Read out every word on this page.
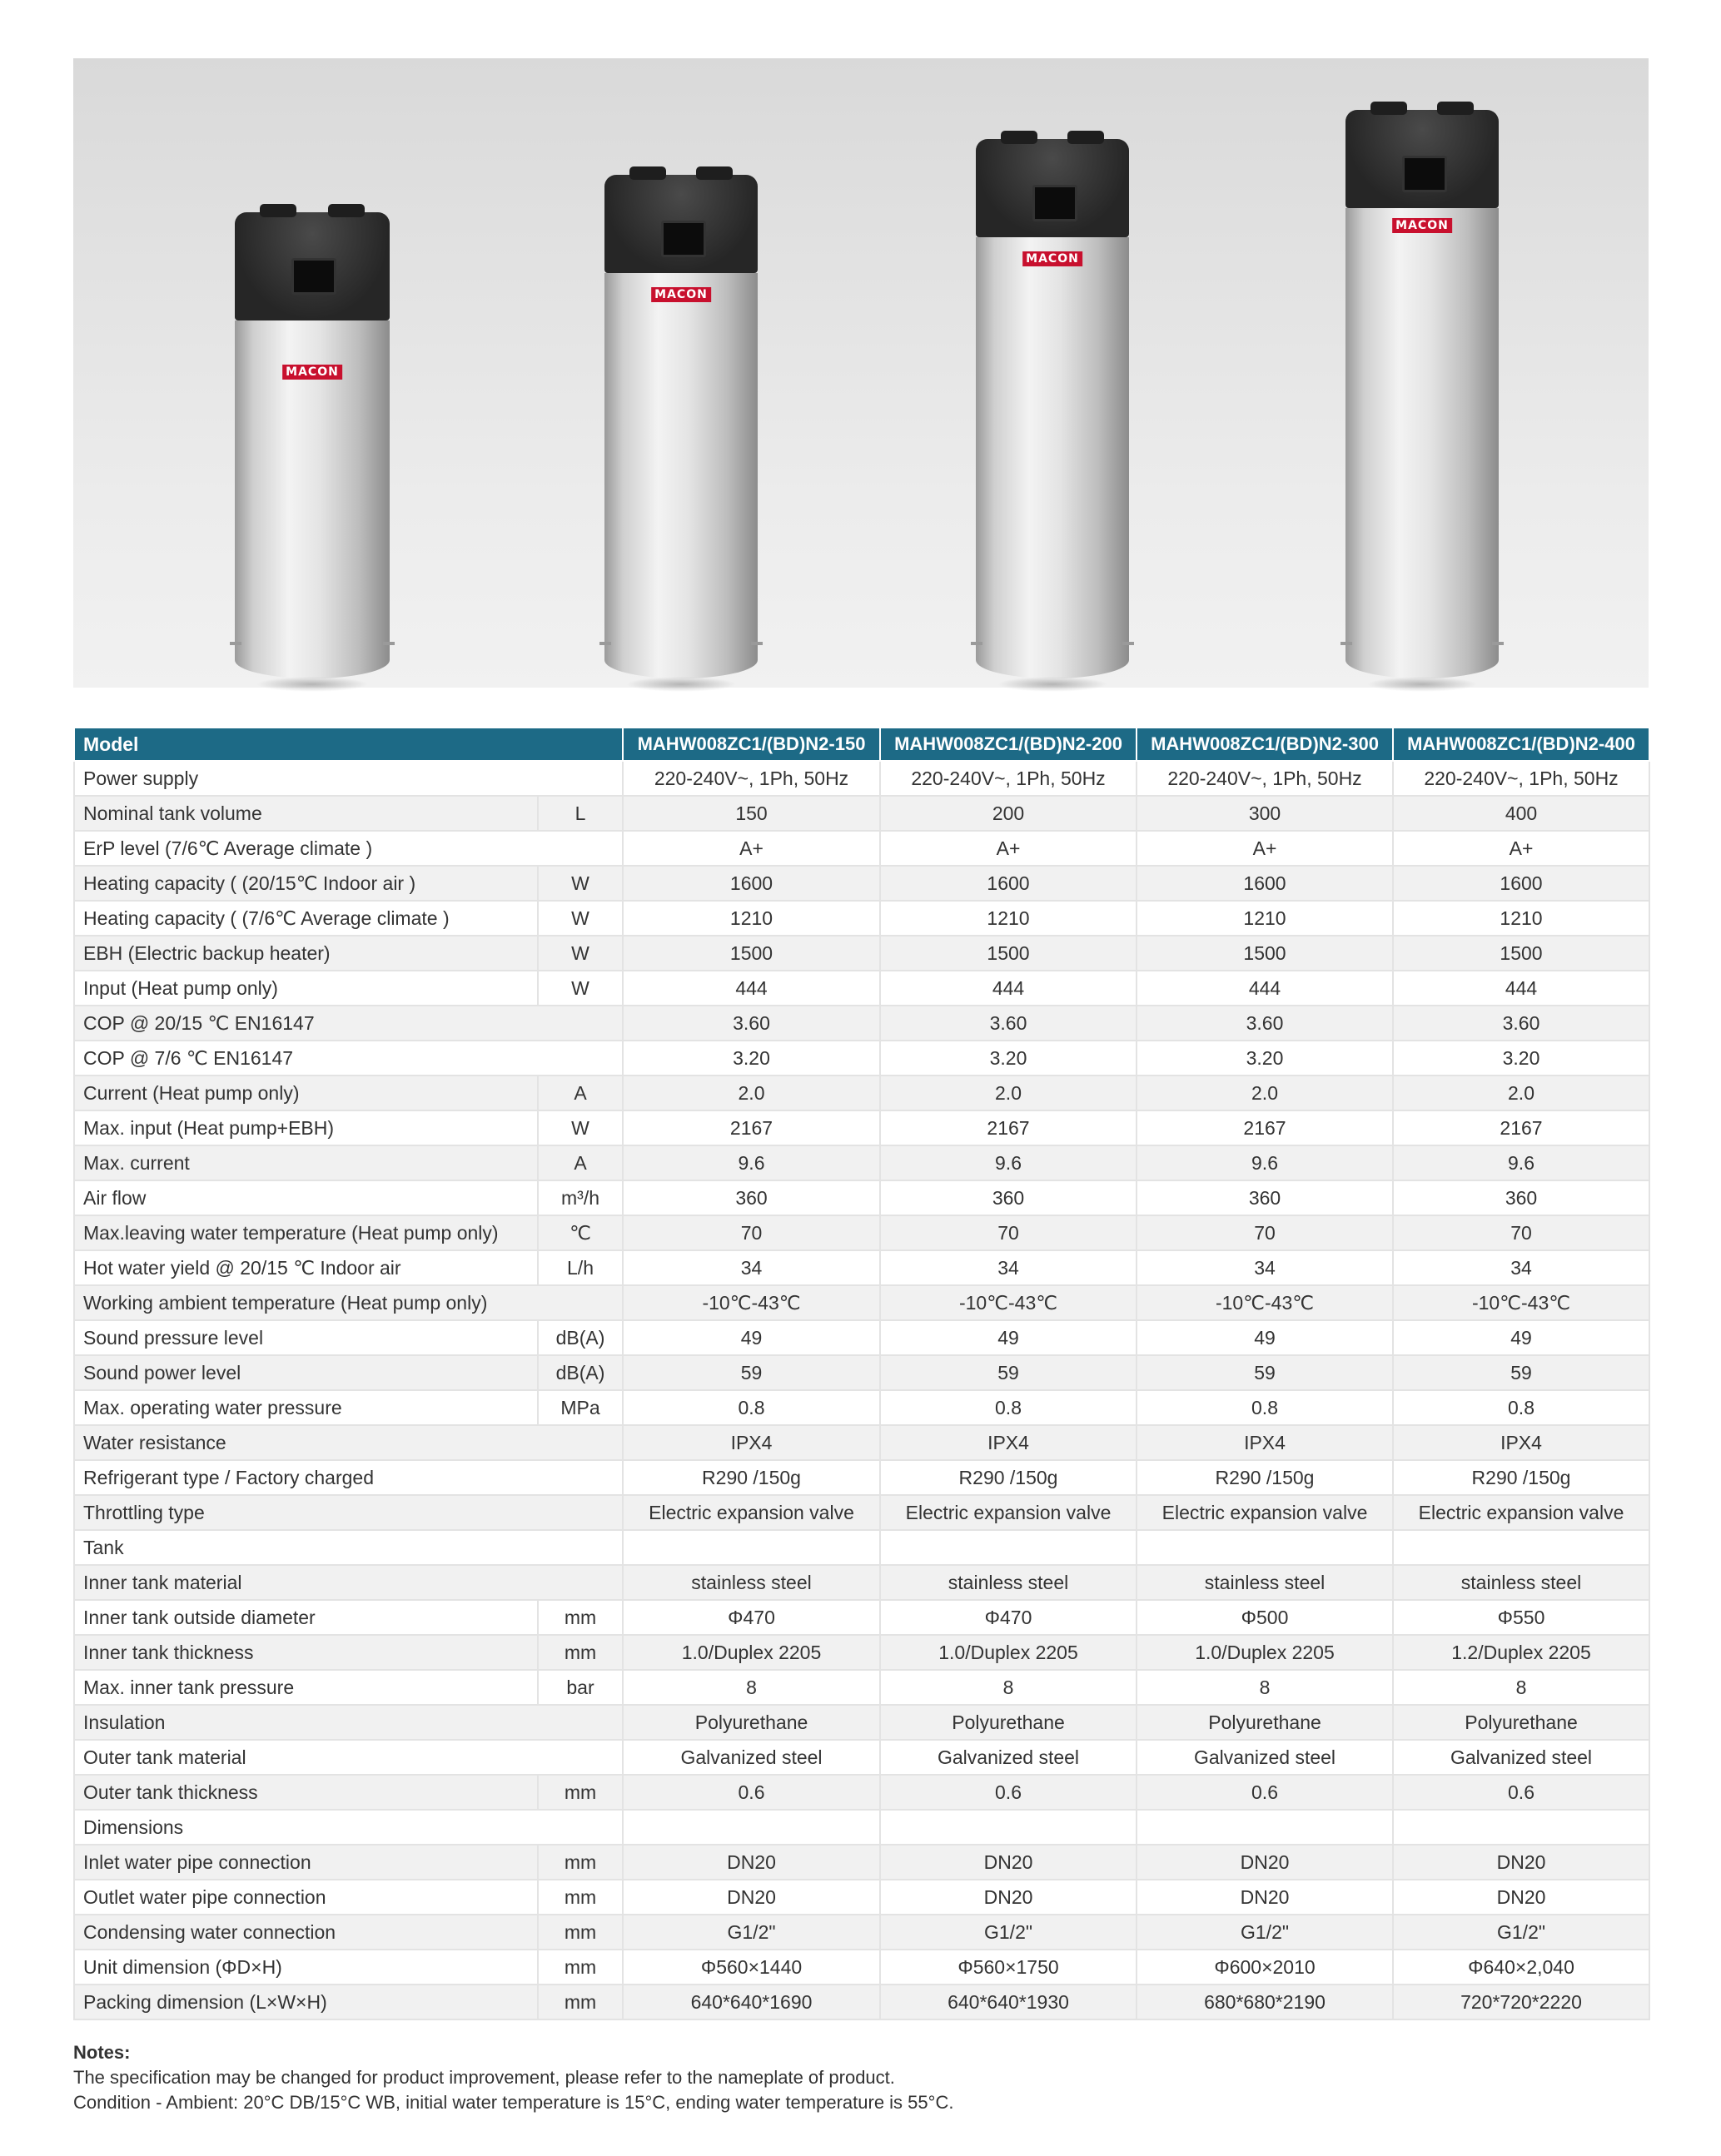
MACON
MACON
MACON
MACON
Model		MAHW008ZC1/(BD)N2-150	MAHW008ZC1/(BD)N2-200	MAHW008ZC1/(BD)N2-300	MAHW008ZC1/(BD)N2-400
Power supply		220-240V~, 1Ph, 50Hz	220-240V~, 1Ph, 50Hz	220-240V~, 1Ph, 50Hz	220-240V~, 1Ph, 50Hz
Nominal tank volume	L	150	200	300	400
ErP level (7/6℃ Average climate )		A+	A+	A+	A+
Heating capacity ( (20/15℃ Indoor air )	W	1600	1600	1600	1600
Heating capacity ( (7/6℃ Average climate )	W	1210	1210	1210	1210
EBH (Electric backup heater)	W	1500	1500	1500	1500
Input (Heat pump only)	W	444	444	444	444
COP @ 20/15 ℃ EN16147		3.60	3.60	3.60	3.60
COP @ 7/6 ℃ EN16147		3.20	3.20	3.20	3.20
Current (Heat pump only)	A	2.0	2.0	2.0	2.0
Max. input (Heat pump+EBH)	W	2167	2167	2167	2167
Max. current	A	9.6	9.6	9.6	9.6
Air flow	m³/h	360	360	360	360
Max.leaving water temperature (Heat pump only)	℃	70	70	70	70
Hot water yield @ 20/15 ℃ Indoor air	L/h	34	34	34	34
Working ambient temperature (Heat pump only)		-10℃-43℃	-10℃-43℃	-10℃-43℃	-10℃-43℃
Sound pressure level	dB(A)	49	49	49	49
Sound power level	dB(A)	59	59	59	59
Max. operating water pressure	MPa	0.8	0.8	0.8	0.8
Water resistance		IPX4	IPX4	IPX4	IPX4
Refrigerant type / Factory charged		R290 /150g	R290 /150g	R290 /150g	R290 /150g
Throttling type		Electric expansion valve	Electric expansion valve	Electric expansion valve	Electric expansion valve
Tank					
Inner tank material		stainless steel	stainless steel	stainless steel	stainless steel
Inner tank outside diameter	mm	Φ470	Φ470	Φ500	Φ550
Inner tank thickness	mm	1.0/Duplex 2205	1.0/Duplex 2205	1.0/Duplex 2205	1.2/Duplex 2205
Max. inner tank pressure	bar	8	8	8	8
Insulation		Polyurethane	Polyurethane	Polyurethane	Polyurethane
Outer tank material		Galvanized steel	Galvanized steel	Galvanized steel	Galvanized steel
Outer tank thickness	mm	0.6	0.6	0.6	0.6
Dimensions					
Inlet water pipe connection	mm	DN20	DN20	DN20	DN20
Outlet water pipe connection	mm	DN20	DN20	DN20	DN20
Condensing water connection	mm	G1/2"	G1/2"	G1/2"	G1/2"
Unit dimension (ΦD×H)	mm	Φ560×1440	Φ560×1750	Φ600×2010	Φ640×2,040
Packing dimension (L×W×H)	mm	640*640*1690	640*640*1930	680*680*2190	720*720*2220
Notes:
The specification may be changed for product improvement, please refer to the nameplate of product.
Condition - Ambient: 20°C DB/15°C WB, initial water temperature is 15°C, ending water temperature is 55°C.
